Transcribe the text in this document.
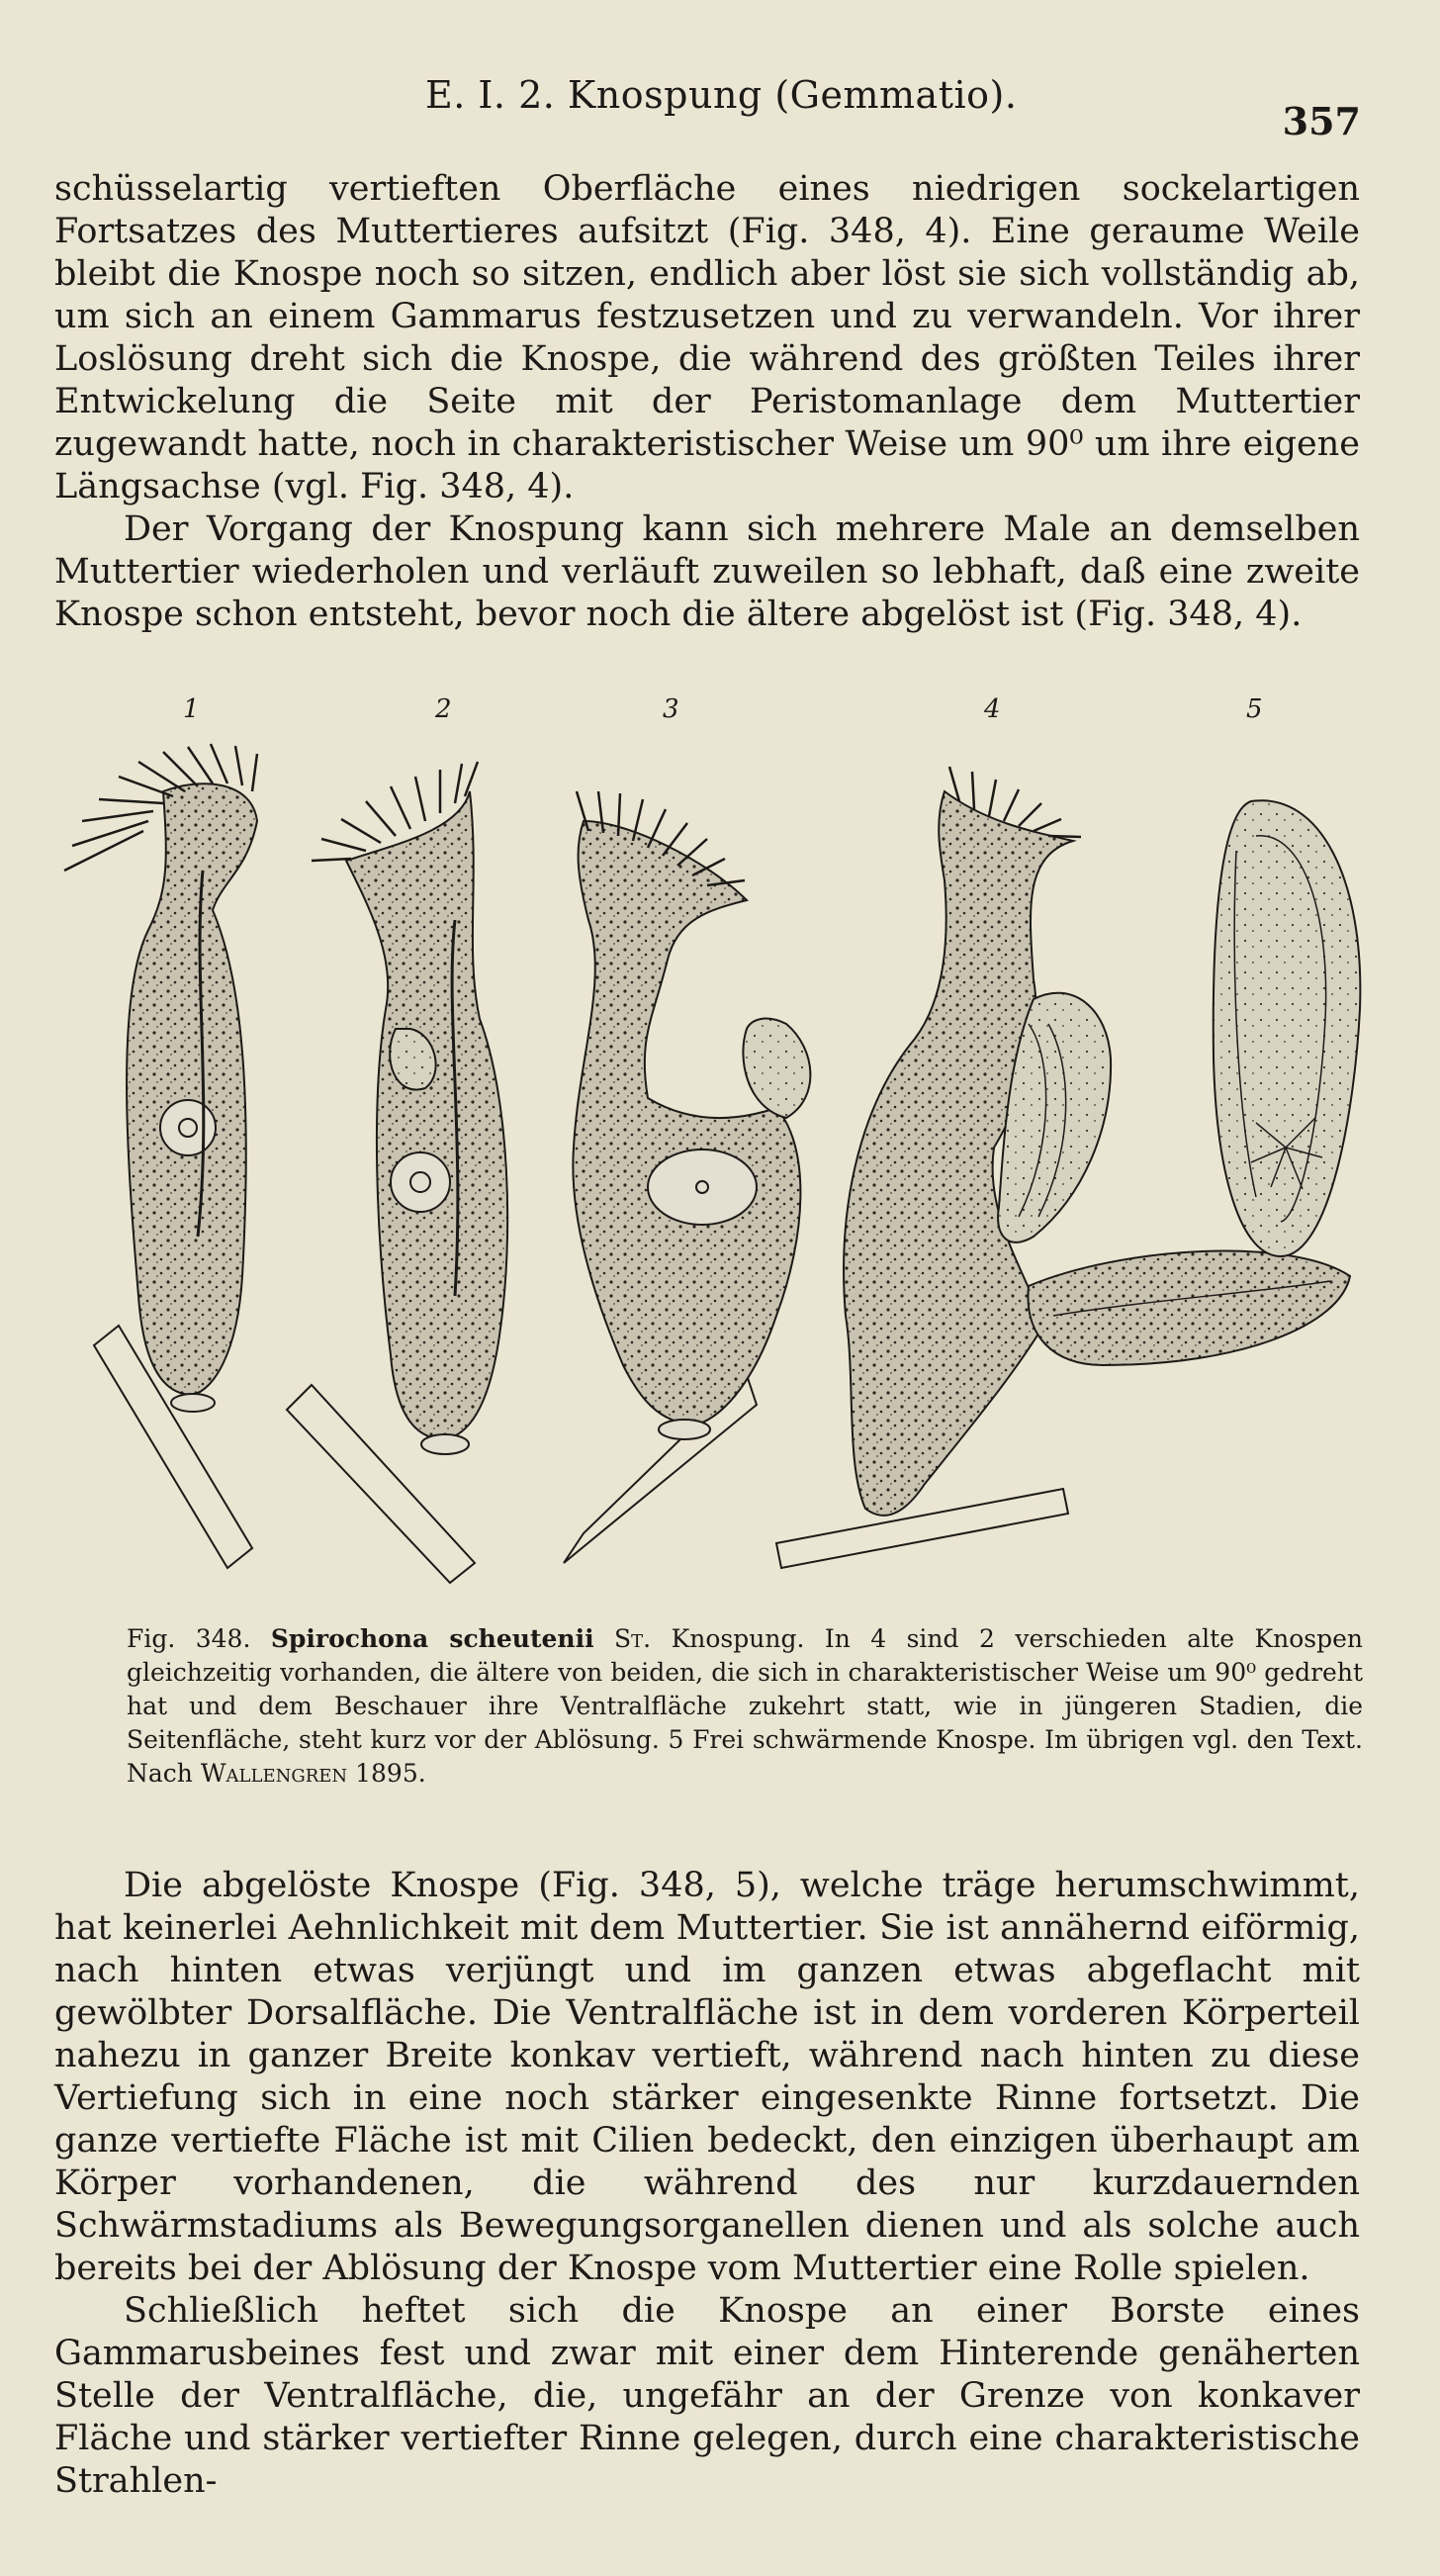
E. I. 2. Knospung (Gemmatio).
357

schüsselartig vertieften Oberfläche eines niedrigen sockelartigen Fortsatzes des Muttertieres aufsitzt (Fig. 348, 4). Eine geraume Weile bleibt die Knospe noch so sitzen, endlich aber löst sie sich vollständig ab, um sich an einem Gammarus festzusetzen und zu verwandeln. Vor ihrer Loslösung dreht sich die Knospe, die während des größten Teiles ihrer Entwickelung die Seite mit der Peristomanlage dem Muttertier zugewandt hatte, noch in charakteristischer Weise um 90⁰ um ihre eigene Längsachse (vgl. Fig. 348, 4).

Der Vorgang der Knospung kann sich mehrere Male an demselben Muttertier wiederholen und verläuft zuweilen so lebhaft, daß eine zweite Knospe schon entsteht, bevor noch die ältere abgelöst ist (Fig. 348, 4).

1	2	3	4	5
Fig. 348. Spirochona scheutenii St. Knospung. In 4 sind 2 verschieden alte Knospen gleichzeitig vorhanden, die ältere von beiden, die sich in charakteristischer Weise um 90⁰ gedreht hat und dem Beschauer ihre Ventralfläche zukehrt statt, wie in jüngeren Stadien, die Seitenfläche, steht kurz vor der Ablösung. 5 Frei schwärmende Knospe. Im übrigen vgl. den Text. Nach Wallengren 1895.

Die abgelöste Knospe (Fig. 348, 5), welche träge herumschwimmt, hat keinerlei Aehnlichkeit mit dem Muttertier. Sie ist annähernd eiförmig, nach hinten etwas verjüngt und im ganzen etwas abgeflacht mit gewölbter Dorsalfläche. Die Ventralfläche ist in dem vorderen Körperteil nahezu in ganzer Breite konkav vertieft, während nach hinten zu diese Vertiefung sich in eine noch stärker eingesenkte Rinne fortsetzt. Die ganze vertiefte Fläche ist mit Cilien bedeckt, den einzigen überhaupt am Körper vorhandenen, die während des nur kurzdauernden Schwärmstadiums als Bewegungsorganellen dienen und als solche auch bereits bei der Ablösung der Knospe vom Muttertier eine Rolle spielen.

Schließlich heftet sich die Knospe an einer Borste eines Gammarusbeines fest und zwar mit einer dem Hinterende genäherten Stelle der Ventralfläche, die, ungefähr an der Grenze von konkaver Fläche und stärker vertiefter Rinne gelegen, durch eine charakteristische Strahlen-
